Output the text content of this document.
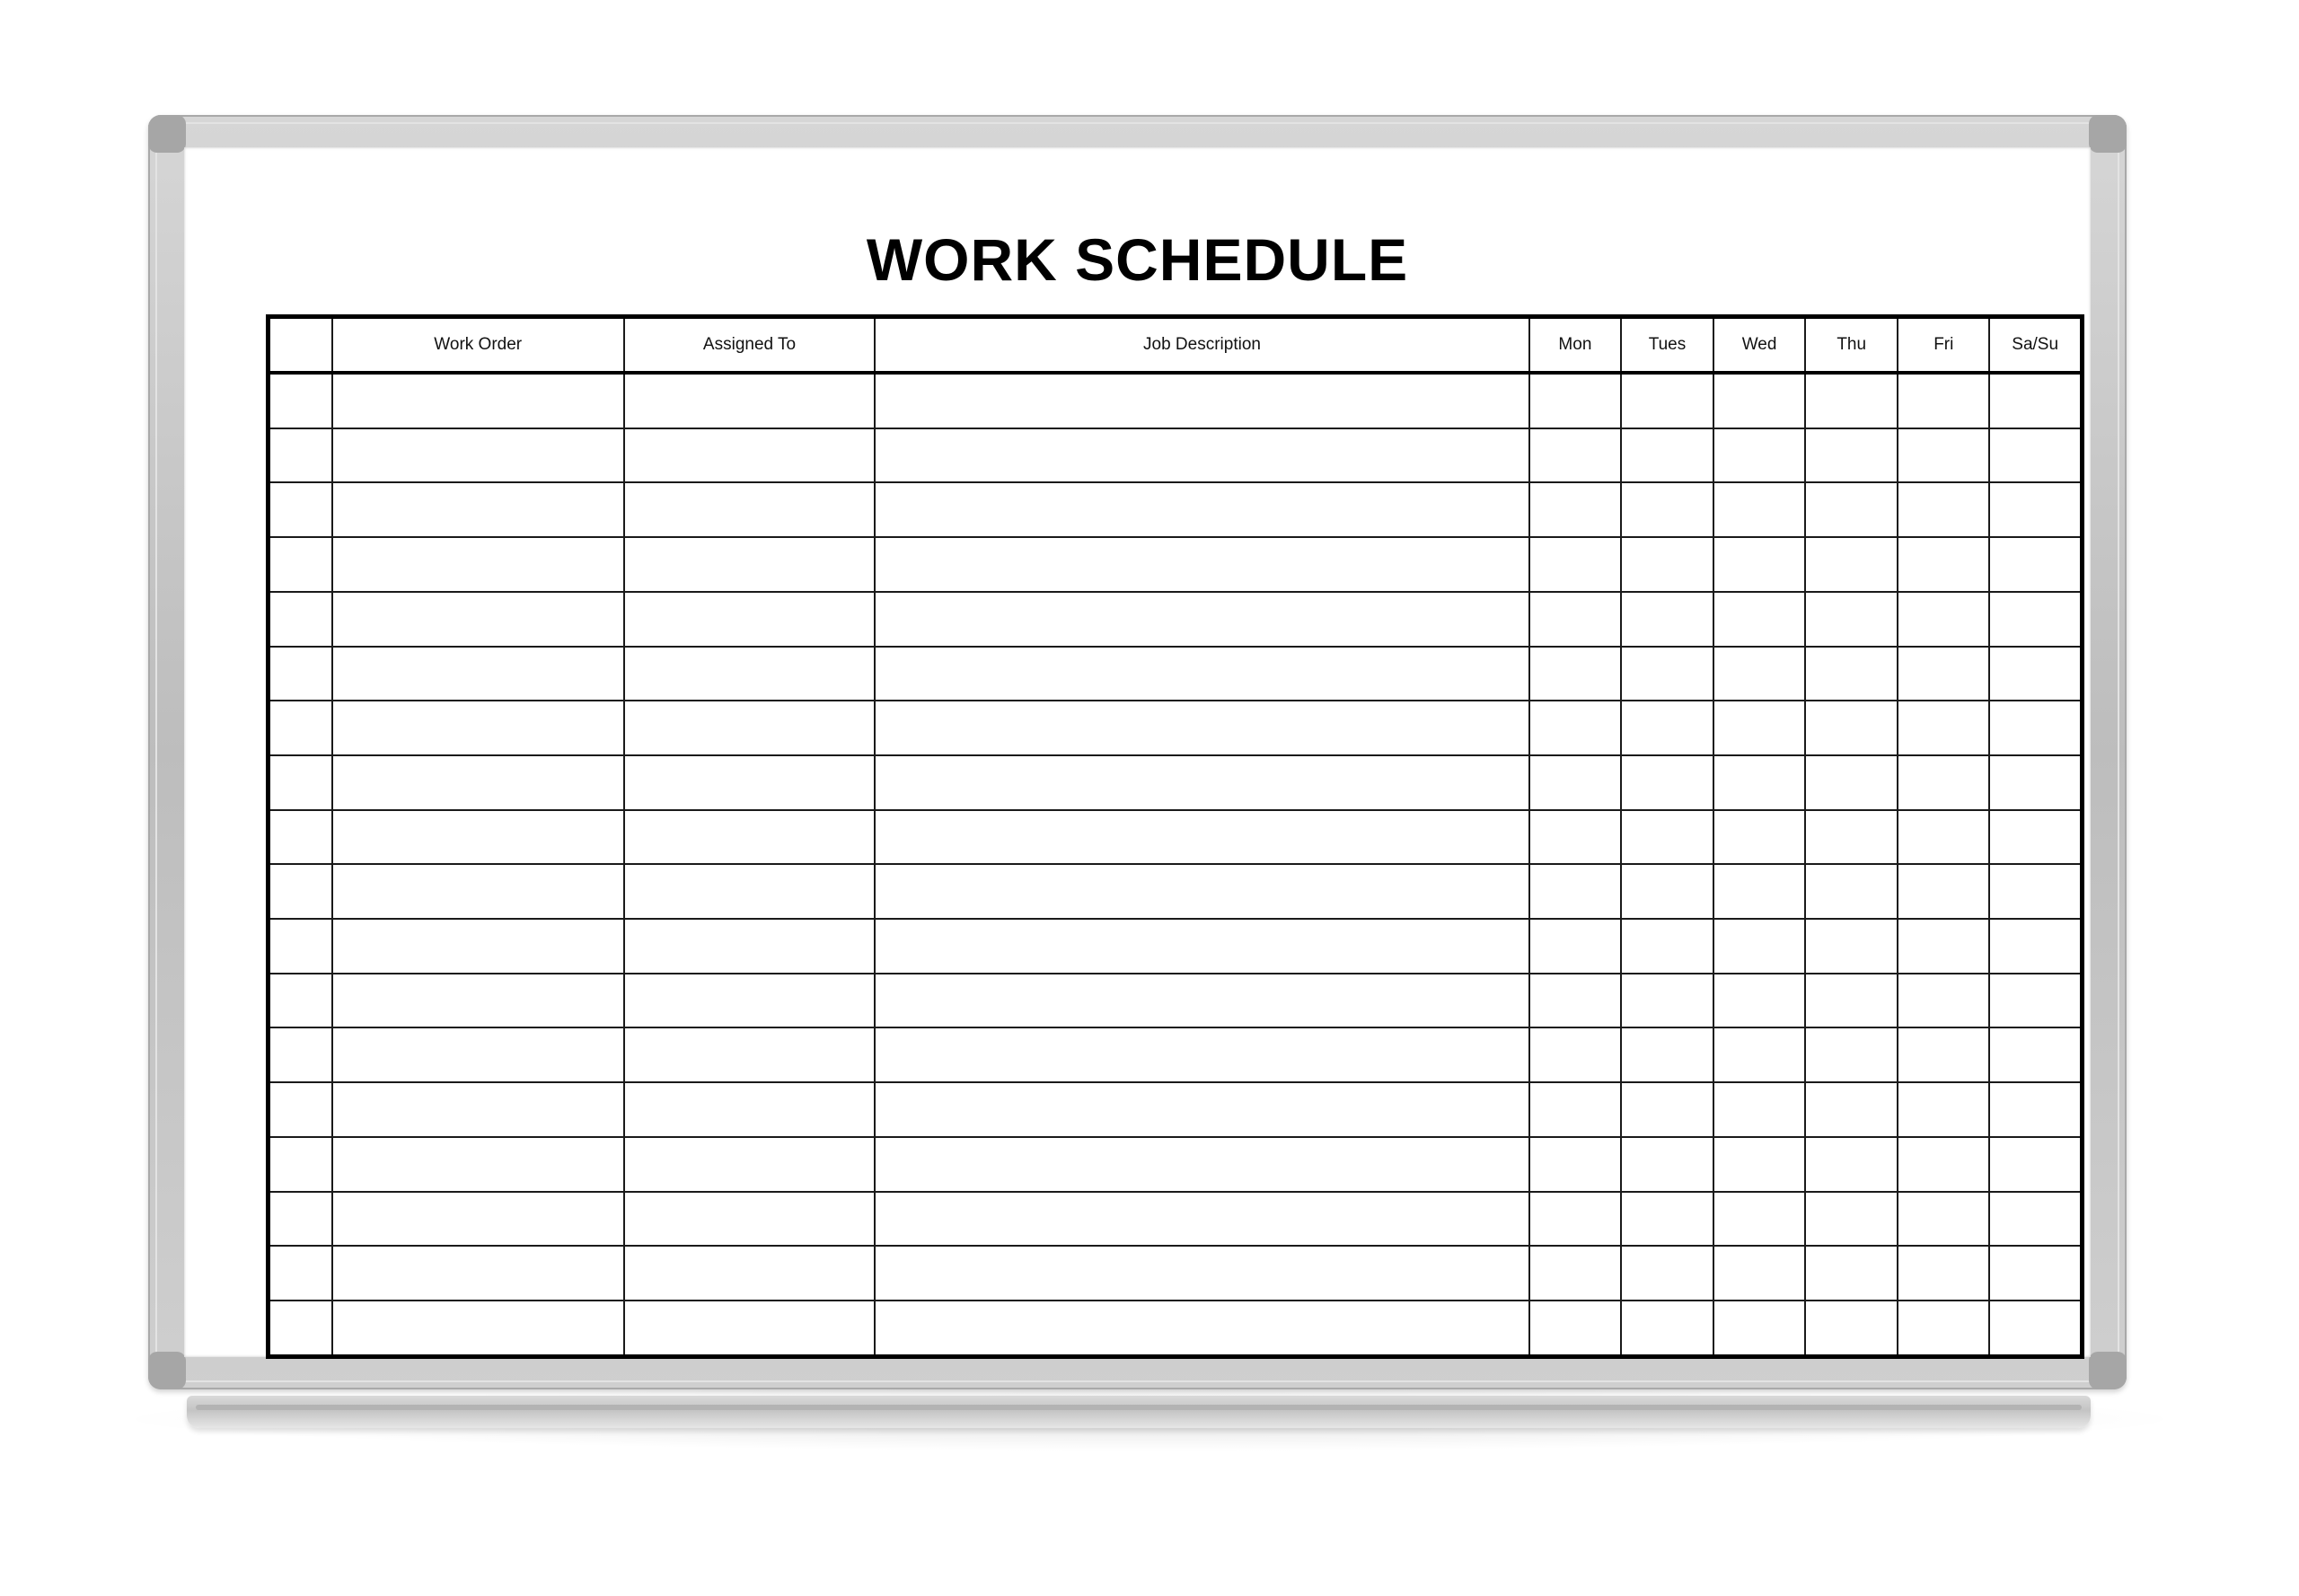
WORK SCHEDULE
	Work Order	Assigned To	Job Description	Mon	Tues	Wed	Thu	Fri	Sa/Su
